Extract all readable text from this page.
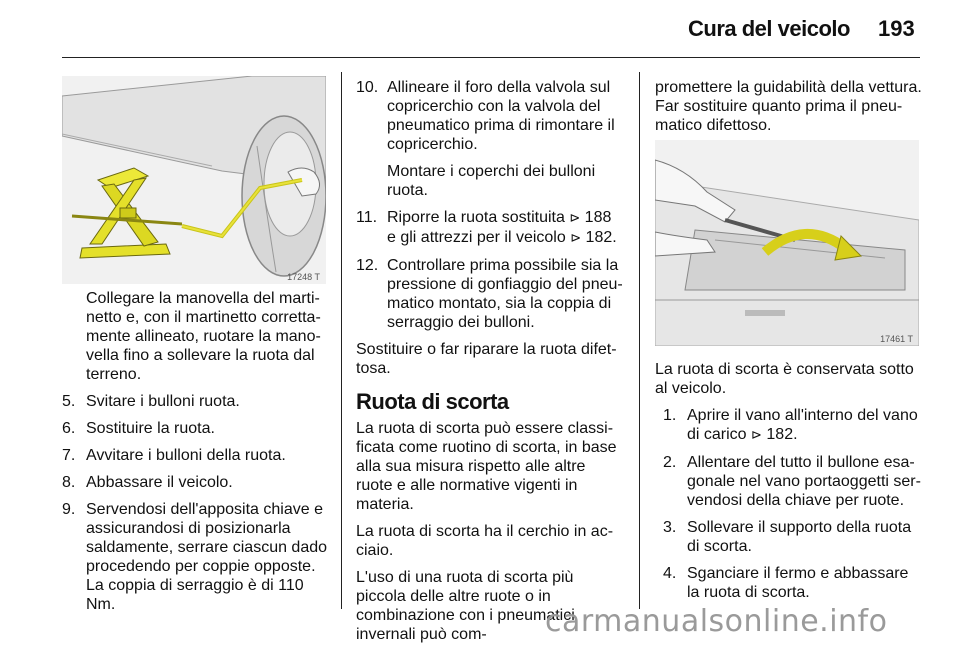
Cura del veicolo 193
17248 T

Collegare la manovella del marti-netto e, con il martinetto corretta-mente allineato, ruotare la mano-vella fino a sollevare la ruota dal terreno.

5. Svitare i bulloni ruota.
6. Sostituire la ruota.
7. Avvitare i bulloni della ruota.
8. Abbassare il veicolo.
9. Servendosi dell'apposita chiave e assicurandosi di posizionarla saldamente, serrare ciascun dado procedendo per coppie opposte. La coppia di serraggio è di 110 Nm.
10. Allineare il foro della valvola sul copricerchio con la valvola del pneumatico prima di rimontare il copricerchio.
Montare i coperchi dei bulloni ruota.
11. Riporre la ruota sostituita ⊳ 188 e gli attrezzi per il veicolo ⊳ 182.
12. Controllare prima possibile sia la pressione di gonfiaggio del pneu-matico montato, sia la coppia di serraggio dei bulloni.

Sostituire o far riparare la ruota difet-tosa.

Ruota di scorta

La ruota di scorta può essere classi-ficata come ruotino di scorta, in base alla sua misura rispetto alle altre ruote e alle normative vigenti in materia.

La ruota di scorta ha il cerchio in ac-ciaio.

L'uso di una ruota di scorta più piccola delle altre ruote o in combinazione con i pneumatici invernali può com-

promettere la guidabilità della vettura. Far sostituire quanto prima il pneu-matico difettoso.

17461 T

La ruota di scorta è conservata sotto al veicolo.

1. Aprire il vano all'interno del vano di carico ⊳ 182.
2. Allentare del tutto il bullone esa-gonale nel vano portaoggetti ser-vendosi della chiave per ruote.
3. Sollevare il supporto della ruota di scorta.
4. Sganciare il fermo e abbassare la ruota di scorta.
carmanualsonline.info
